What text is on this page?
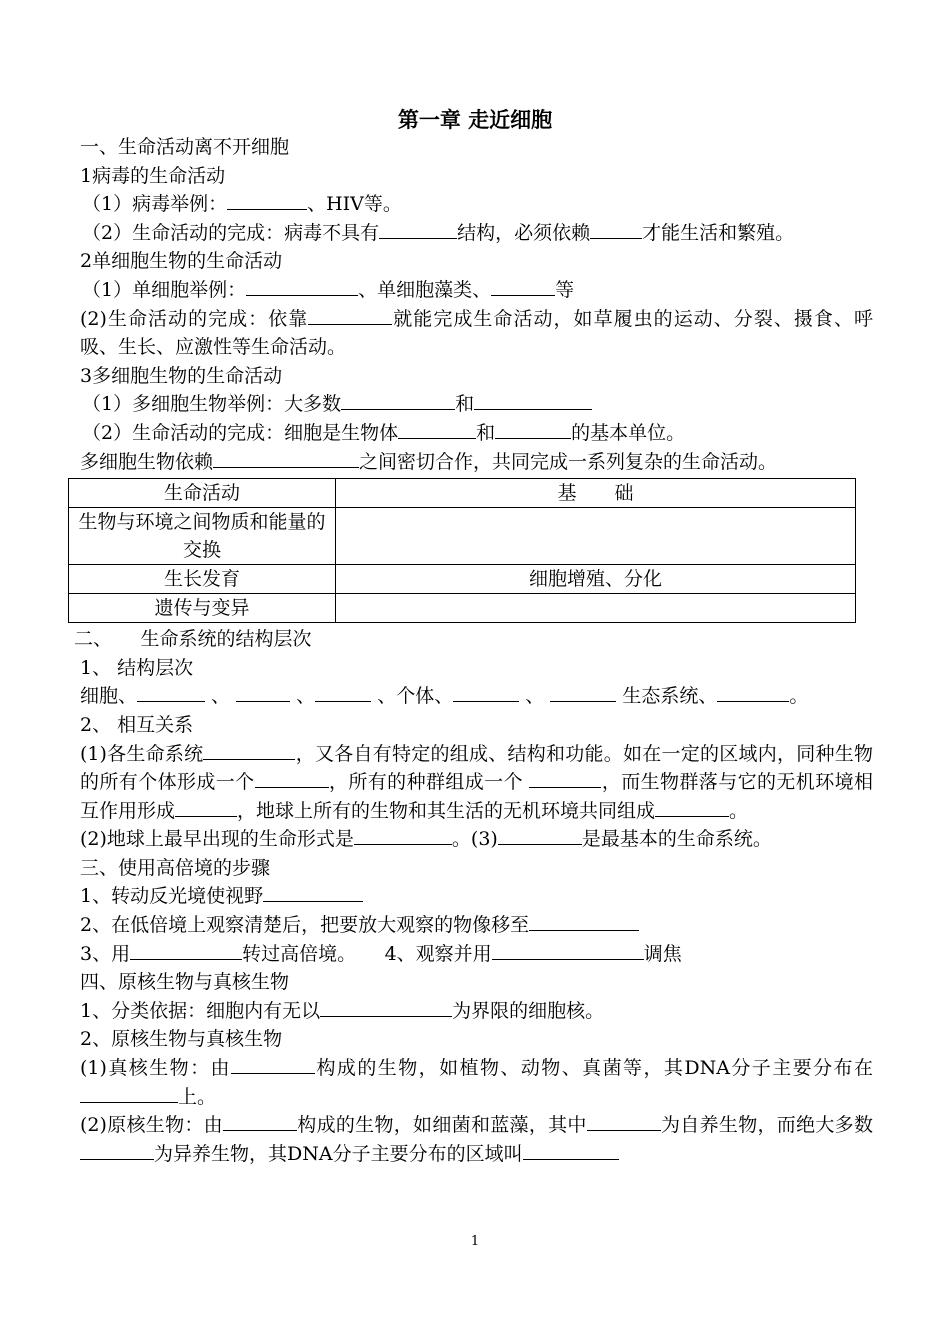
第一章 走近细胞
一、生命活动离不开细胞
1病毒的生命活动
（1）病毒举例：	、HIV等。
（2）生命活动的完成：病毒不具有	结构，必须依赖	才能生活和繁殖。
2单细胞生物的生命活动
（1）单细胞举例：	、单细胞藻类、	等
(2)生命活动的完成：依靠	就能完成生命活动，如草履虫的运动、分裂、摄食、呼吸、生长、应激性等生命活动。
3多细胞生物的生命活动
（1）多细胞生物举例：大多数	和
（2）生命活动的完成：细胞是生物体	和	的基本单位。
多细胞生物依赖	之间密切合作，共同完成一系列复杂的生命活动。
生命活动	基　　础
生物与环境之间物质和能量的交换	
生长发育	细胞增殖、分化
遗传与变异	
二、　　生命系统的结构层次
1、 结构层次
细胞、	、	、	、个体、	、	生态系统、	。
2、 相互关系
(1)各生命系统	，又各自有特定的组成、结构和功能。如在一定的区域内，同种生物的所有个体形成一个	，所有的种群组成一个	，而生物群落与它的无机环境相互作用形成	，地球上所有的生物和其生活的无机环境共同组成	。
(2)地球上最早出现的生命形式是	。(3)	是最基本的生命系统。
三、使用高倍境的步骤
1、转动反光境使视野
2、在低倍境上观察清楚后，把要放大观察的物像移至
3、用	转过高倍境。　　4、观察并用	调焦
四、原核生物与真核生物
1、分类依据：细胞内有无以	为界限的细胞核。
2、原核生物与真核生物
(1)真核生物：由	构成的生物，如植物、动物、真菌等，其DNA分子主要分布在上。
(2)原核生物：由	构成的生物，如细菌和蓝藻，其中	为自养生物，而绝大多数为异养生物，其DNA分子主要分布的区域叫
1
